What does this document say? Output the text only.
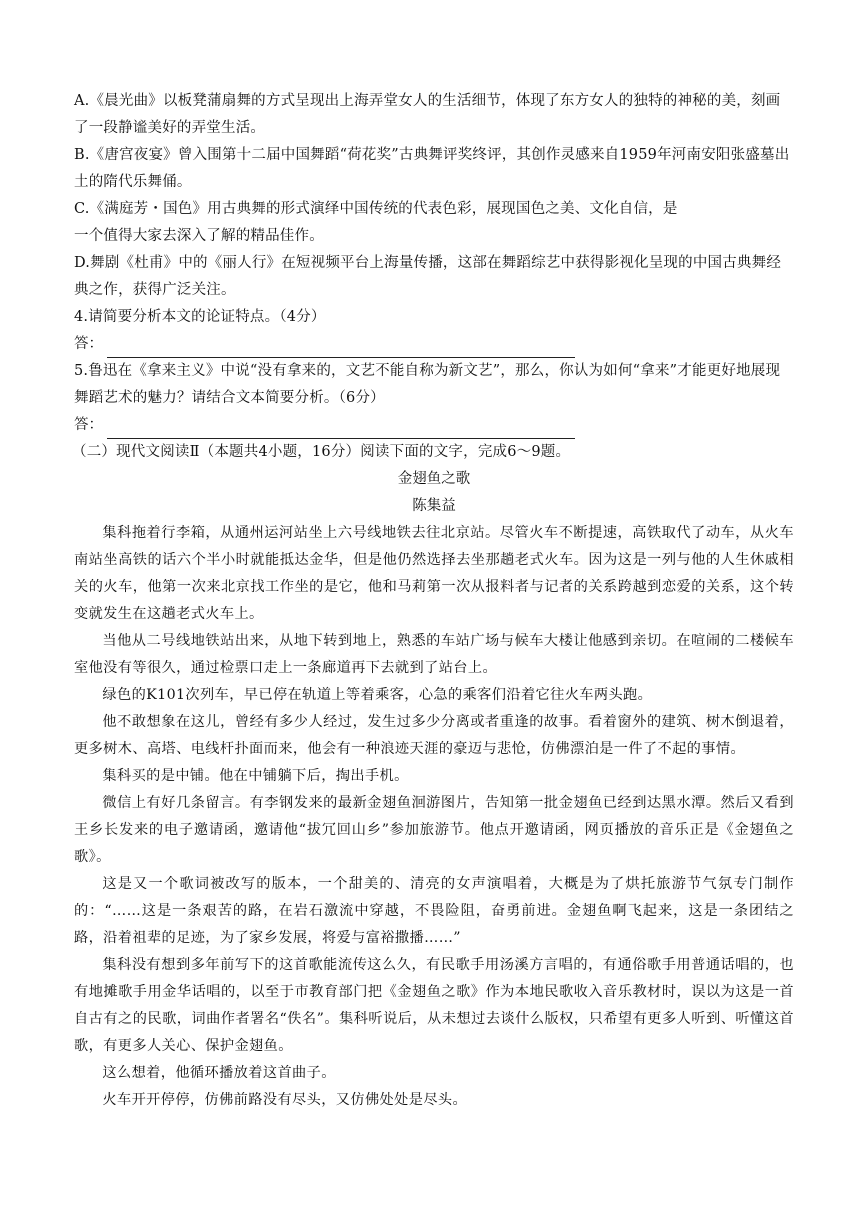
A.《晨光曲》以板凳蒲扇舞的方式呈现出上海弄堂女人的生活细节，体现了东方女人的独特的神秘的美，刻画了一段静谧美好的弄堂生活。

B.《唐宫夜宴》曾入围第十二届中国舞蹈“荷花奖”古典舞评奖终评，其创作灵感来自1959年河南安阳张盛墓出土的隋代乐舞俑。

C.《满庭芳・国色》用古典舞的形式演绎中国传统的代表色彩，展现国色之美、文化自信，是

一个值得大家去深入了解的精品佳作。

D.舞剧《杜甫》中的《丽人行》在短视频平台上海量传播，这部在舞蹈综艺中获得影视化呈现的中国古典舞经典之作，获得广泛关注。

4.请简要分析本文的论证特点。（4分）

答：

5.鲁迅在《拿来主义》中说“没有拿来的，文艺不能自称为新文艺”，那么，你认为如何“拿来”才能更好地展现舞蹈艺术的魅力？请结合文本简要分析。（6分）

答：

（二）现代文阅读Ⅱ（本题共4小题，16分）阅读下面的文字，完成6～9题。

金翅鱼之歌

陈集益

集科拖着行李箱，从通州运河站坐上六号线地铁去往北京站。尽管火车不断提速，高铁取代了动车，从火车南站坐高铁的话六个半小时就能抵达金华，但是他仍然选择去坐那趟老式火车。因为这是一列与他的人生休戚相关的火车，他第一次来北京找工作坐的是它，他和马莉第一次从报料者与记者的关系跨越到恋爱的关系，这个转变就发生在这趟老式火车上。

当他从二号线地铁站出来，从地下转到地上，熟悉的车站广场与候车大楼让他感到亲切。在喧闹的二楼候车室他没有等很久，通过检票口走上一条廊道再下去就到了站台上。

绿色的K101次列车，早已停在轨道上等着乘客，心急的乘客们沿着它往火车两头跑。

他不敢想象在这儿，曾经有多少人经过，发生过多少分离或者重逢的故事。看着窗外的建筑、树木倒退着，更多树木、高塔、电线杆扑面而来，他会有一种浪迹天涯的豪迈与悲怆，仿佛漂泊是一件了不起的事情。

集科买的是中铺。他在中铺躺下后，掏出手机。

微信上有好几条留言。有李钢发来的最新金翅鱼洄游图片，告知第一批金翅鱼已经到达黑水潭。然后又看到王乡长发来的电子邀请函，邀请他“拔冗回山乡”参加旅游节。他点开邀请函，网页播放的音乐正是《金翅鱼之歌》。

这是又一个歌词被改写的版本，一个甜美的、清亮的女声演唱着，大概是为了烘托旅游节气氛专门制作的：“……这是一条艰苦的路，在岩石激流中穿越，不畏险阻，奋勇前进。金翅鱼啊飞起来，这是一条团结之路，沿着祖辈的足迹，为了家乡发展，将爱与富裕撒播……”

集科没有想到多年前写下的这首歌能流传这么久，有民歌手用汤溪方言唱的，有通俗歌手用普通话唱的，也有地摊歌手用金华话唱的，以至于市教育部门把《金翅鱼之歌》作为本地民歌收入音乐教材时，误以为这是一首自古有之的民歌，词曲作者署名“佚名”。集科听说后，从未想过去谈什么版权，只希望有更多人听到、听懂这首歌，有更多人关心、保护金翅鱼。

这么想着，他循环播放着这首曲子。

火车开开停停，仿佛前路没有尽头，又仿佛处处是尽头。
